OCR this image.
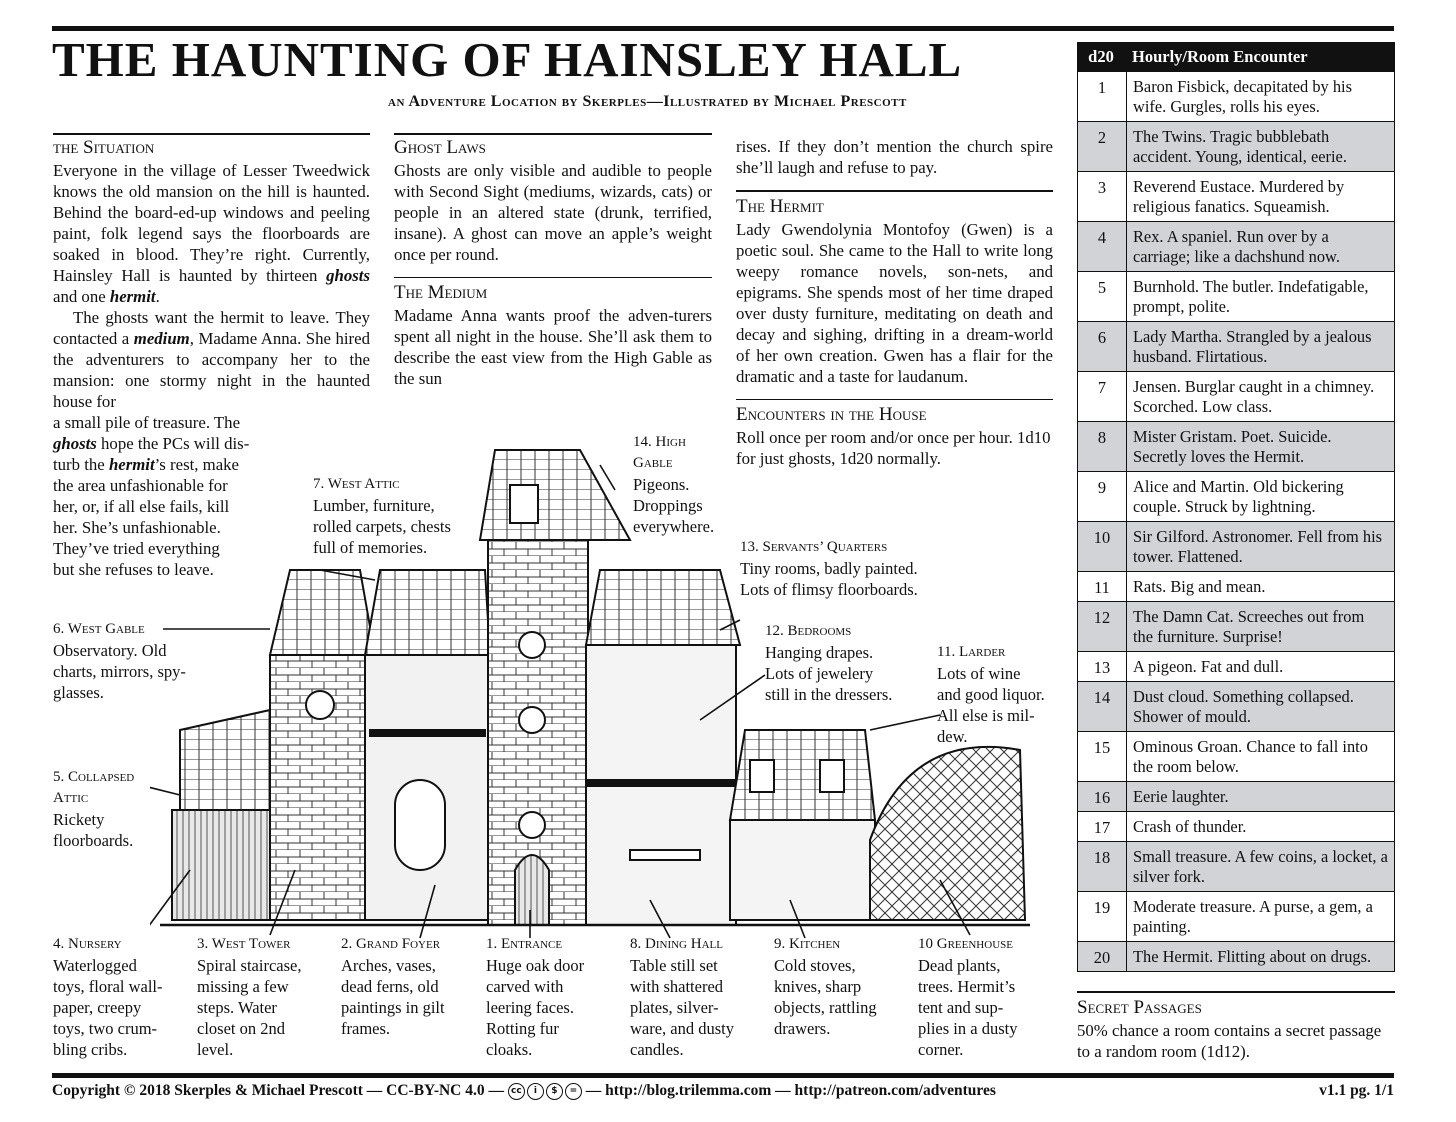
THE HAUNTING OF HAINSLEY HALL
an Adventure Location by Skerples—Illustrated by Michael Prescott
the Situation

Everyone in the village of Lesser Tweedwick knows the old mansion on the hill is haunted. Behind the board-ed-up windows and peeling paint, folk legend says the floorboards are soaked in blood. They’re right. Currently, Hainsley Hall is haunted by thirteen ghosts and one hermit.

The ghosts want the hermit to leave. They contacted a medium, Madame Anna. She hired the adventurers to accompany her to the mansion: one stormy night in the haunted house for

a small pile of treasure. The
ghosts hope the PCs will dis-
turb the hermit’s rest, make
the area unfashionable for
her, or, if all else fails, kill
her. She’s unfashionable.
They’ve tried everything
but she refuses to leave.
Ghost Laws

Ghosts are only visible and audible to people with Second Sight (mediums, wizards, cats) or people in an altered state (drunk, terrified, insane). A ghost can move an apple’s weight once per round.

The Medium

Madame Anna wants proof the adven-turers spent all night in the house. She’ll ask them to describe the east view from the High Gable as the sun

rises. If they don’t mention the church spire she’ll laugh and refuse to pay.

The Hermit

Lady Gwendolynia Montofoy (Gwen) is a poetic soul. She came to the Hall to write long weepy romance novels, son-nets, and epigrams. She spends most of her time draped over dusty furniture, meditating on death and decay and sighing, drifting in a dream-world of her own creation. Gwen has a flair for the dramatic and a taste for laudanum.

Encounters in the House

Roll once per room and/or once per hour. 1d10 for just ghosts, 1d20 normally.

14. High
Gable
Pigeons.
Droppings
everywhere.
7. West Attic
Lumber, furniture,
rolled carpets, chests
full of memories.	13. Servants’ Quarters
Tiny rooms, badly painted.
Lots of flimsy floorboards.
6. West Gable
Observatory. Old
charts, mirrors, spy-
glasses.
12. Bedrooms
Hanging drapes.
Lots of jewelery
still in the dressers.
11. Larder
Lots of wine
and good liquor.
All else is mil-
dew.
5. Collapsed
Attic
Rickety
floorboards.
4. Nursery
Waterlogged
toys, floral wall-
paper, creepy
toys, two crum-
bling cribs.
3. West Tower
Spiral staircase,
missing a few
steps. Water
closet on 2nd
level.
2. Grand Foyer
Arches, vases,
dead ferns, old
paintings in gilt
frames.
1. Entrance
Huge oak door
carved with
leering faces.
Rotting fur
cloaks.
8. Dining Hall
Table still set
with shattered
plates, silver-
ware, and dusty
candles.
9. Kitchen
Cold stoves,
knives, sharp
objects, rattling
drawers.
10 Greenhouse
Dead plants,
trees. Hermit’s
tent and sup-
plies in a dusty
corner.
d20	Hourly/Room Encounter
1	Baron Fisbick, decapitated by his wife. Gurgles, rolls his eyes.
2	The Twins. Tragic bubblebath accident. Young, identical, eerie.
3	Reverend Eustace. Murdered by religious fanatics. Squeamish.
4	Rex. A spaniel. Run over by a carriage; like a dachshund now.
5	Burnhold. The butler. Indefatigable, prompt, polite.
6	Lady Martha. Strangled by a jealous husband. Flirtatious.
7	Jensen. Burglar caught in a chimney. Scorched. Low class.
8	Mister Gristam. Poet. Suicide. Secretly loves the Hermit.
9	Alice and Martin. Old bickering couple. Struck by lightning.
10	Sir Gilford. Astronomer. Fell from his tower. Flattened.
11	Rats. Big and mean.
12	The Damn Cat. Screeches out from the furniture. Surprise!
13	A pigeon. Fat and dull.
14	Dust cloud. Something collapsed. Shower of mould.
15	Ominous Groan. Chance to fall into the room below.
16	Eerie laughter.
17	Crash of thunder.
18	Small treasure. A few coins, a locket, a silver fork.
19	Moderate treasure. A purse, a gem, a painting.
20	The Hermit. Flitting about on drugs.
Secret Passages

50% chance a room contains a secret passage to a random room (1d12).

Copyright © 2018 Skerples & Michael Prescott — CC-BY-NC 4.0 — cc	i	$	= — http://blog.trilemma.com — http://patreon.com/adventures	v1.1 pg. 1/1
